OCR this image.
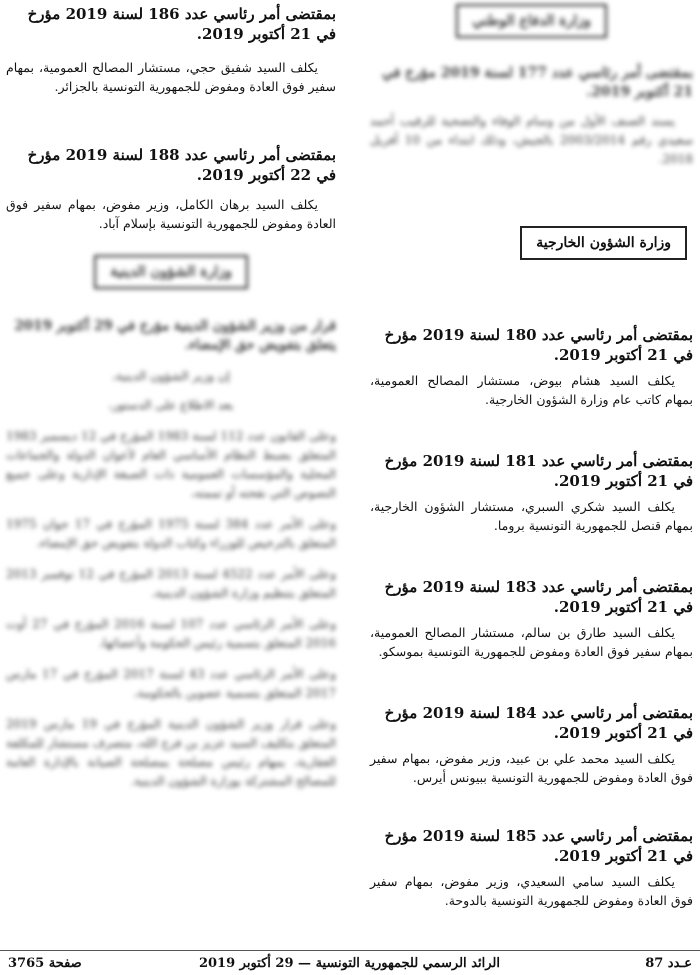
بمقتضى أمر رئاسي عدد 186 لسنة 2019 مؤرخ في 21 أكتوبر 2019.

يكلف السيد شفيق حجي، مستشار المصالح العمومية، بمهام سفير فوق العادة ومفوض للجمهورية التونسية بالجزائر.

بمقتضى أمر رئاسي عدد 188 لسنة 2019 مؤرخ في 22 أكتوبر 2019.

يكلف السيد برهان الكامل، وزير مفوض، بمهام سفير فوق العادة ومفوض للجمهورية التونسية بإسلام آباد.

وزارة الشؤون الدينية

قرار من وزير الشؤون الدينية مؤرخ في 29 أكتوبر 2019 يتعلق بتفويض حق الإمضاء.

إن وزير الشؤون الدينية،

بعد الاطلاع على الدستور،

وعلى القانون عدد 112 لسنة 1983 المؤرخ في 12 ديسمبر 1983 المتعلق بضبط النظام الأساسي العام لأعوان الدولة والجماعات المحلية والمؤسسات العمومية ذات الصبغة الإدارية وعلى جميع النصوص التي نقحته أو تممته،

وعلى الأمر عدد 384 لسنة 1975 المؤرخ في 17 جوان 1975 المتعلق بالترخيص للوزراء وكتاب الدولة بتفويض حق الإمضاء،

وعلى الأمر عدد 4522 لسنة 2013 المؤرخ في 12 نوفمبر 2013 المتعلق بتنظيم وزارة الشؤون الدينية،

وعلى الأمر الرئاسي عدد 107 لسنة 2016 المؤرخ في 27 أوت 2016 المتعلق بتسمية رئيس الحكومة وأعضائها،

وعلى الأمر الرئاسي عدد 43 لسنة 2017 المؤرخ في 17 مارس 2017 المتعلق بتسمية عضوين بالحكومة،

وعلى قرار وزير الشؤون الدينية المؤرخ في 19 مارس 2019 المتعلق بتكليف السيد عزيز بن فرج الله، متصرف مستشار للمكلفة العقارية، بمهام رئيس مصلحة بمصلحة الصيانة بالإدارة العامة للمصالح المشتركة بوزارة الشؤون الدينية.

وزارة الدفاع الوطني

بمقتضى أمر رئاسي عدد 177 لسنة 2019 مؤرخ في 21 أكتوبر 2019.

يسند الصنف الأول من وسام الوفاء والتضحية للرقيب أحمد سعيدي رقم 2003/2014 بالجيش، وذلك ابتداء من 10 أفريل 2018.

وزارة الشؤون الخارجية

بمقتضى أمر رئاسي عدد 180 لسنة 2019 مؤرخ في 21 أكتوبر 2019.

يكلف السيد هشام بيوض، مستشار المصالح العمومية، بمهام كاتب عام وزارة الشؤون الخارجية.

بمقتضى أمر رئاسي عدد 181 لسنة 2019 مؤرخ في 21 أكتوبر 2019.

يكلف السيد شكري السبري، مستشار الشؤون الخارجية، بمهام قنصل للجمهورية التونسية بروما.

بمقتضى أمر رئاسي عدد 183 لسنة 2019 مؤرخ في 21 أكتوبر 2019.

يكلف السيد طارق بن سالم، مستشار المصالح العمومية، بمهام سفير فوق العادة ومفوض للجمهورية التونسية بموسكو.

بمقتضى أمر رئاسي عدد 184 لسنة 2019 مؤرخ في 21 أكتوبر 2019.

يكلف السيد محمد علي بن عبيد، وزير مفوض، بمهام سفير فوق العادة ومفوض للجمهورية التونسية ببيونس أيرس.

بمقتضى أمر رئاسي عدد 185 لسنة 2019 مؤرخ في 21 أكتوبر 2019.

يكلف السيد سامي السعيدي، وزير مفوض، بمهام سفير فوق العادة ومفوض للجمهورية التونسية بالدوحة.

عـدد 87
الرائد الرسمي للجمهورية التونسية — 29 أكتوبر 2019
صفحة 3765
